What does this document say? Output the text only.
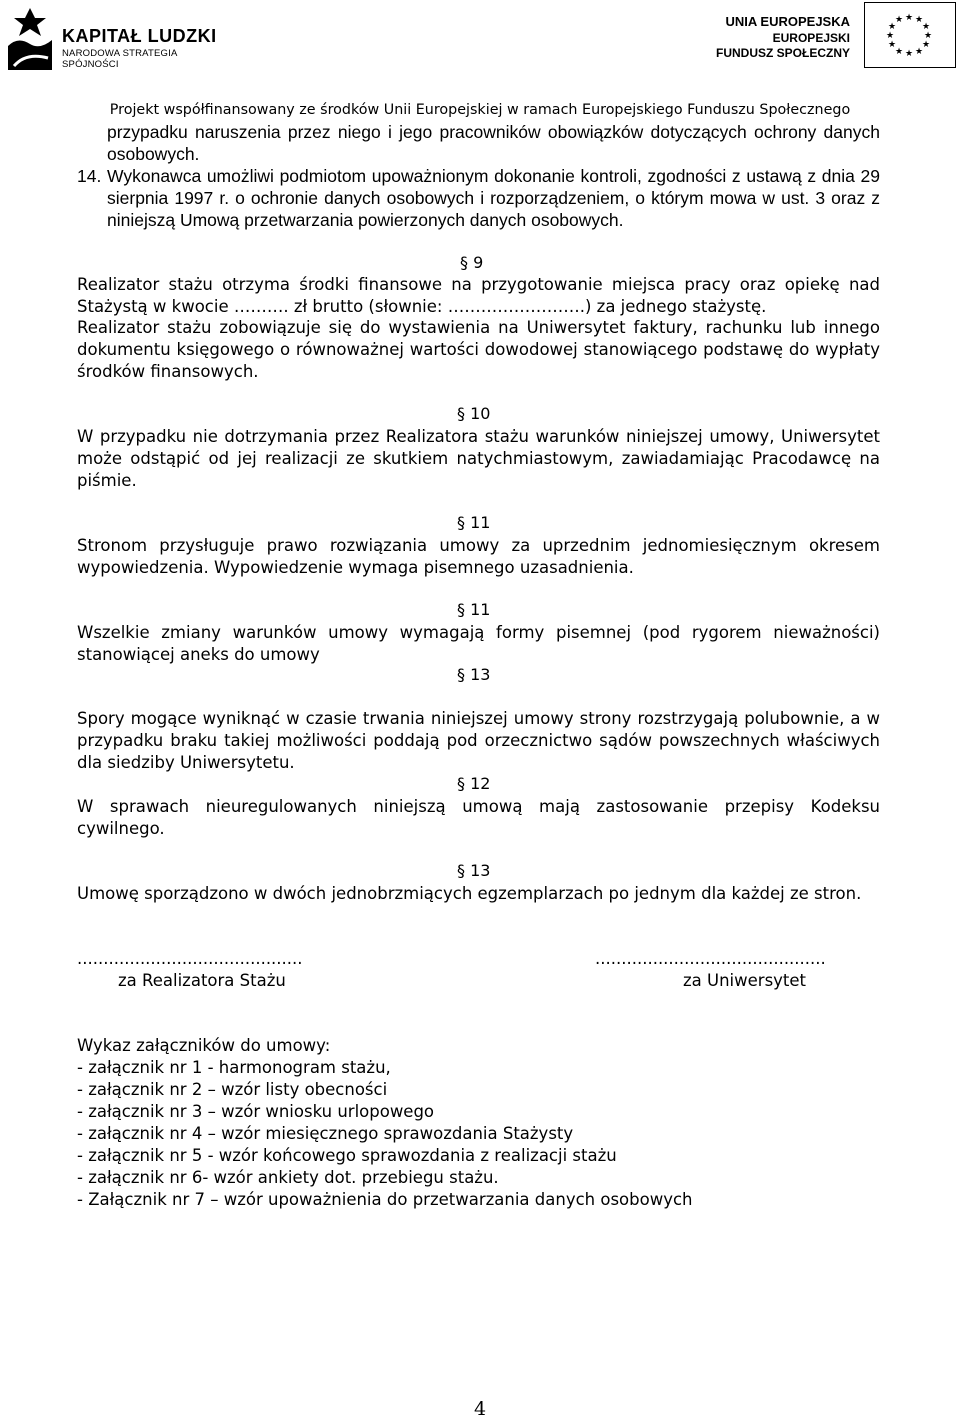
KAPITAŁ LUDZKI
NARODOWA STRATEGIA SPÓJNOŚCI
UNIA EUROPEJSKA
EUROPEJSKI
FUNDUSZ SPOŁECZNY
★ ★
★
★
★
★
★
★
★
★
★
★
Projekt współfinansowany ze środków Unii Europejskiej w ramach Europejskiego Funduszu Społecznego
przypadku naruszenia przez niego i jego pracowników obowiązków dotyczących ochrony danych osobowych.
14. Wykonawca umożliwi podmiotom upoważnionym dokonanie kontroli, zgodności z ustawą z dnia 29 sierpnia 1997 r. o ochronie danych osobowych i rozporządzeniem, o którym mowa w ust. 3 oraz z niniejszą Umową przetwarzania powierzonych danych osobowych.
§ 9
Realizator stażu otrzyma środki finansowe na przygotowanie miejsca pracy oraz opiekę nad Stażystą w kwocie ………. zł brutto (słownie: …………………….) za jednego stażystę.
Realizator stażu zobowiązuje się do wystawienia na Uniwersytet faktury, rachunku lub innego dokumentu księgowego o równoważnej wartości dowodowej stanowiącego podstawę do wypłaty środków finansowych.
§ 10
W przypadku nie dotrzymania przez Realizatora stażu warunków niniejszej umowy, Uniwersytet może odstąpić od jej realizacji ze skutkiem natychmiastowym, zawiadamiając Pracodawcę na piśmie.
§ 11
Stronom przysługuje prawo rozwiązania umowy za uprzednim jednomiesięcznym okresem wypowiedzenia. Wypowiedzenie wymaga pisemnego uzasadnienia.
§ 11
Wszelkie zmiany warunków umowy wymagają formy pisemnej (pod rygorem nieważności) stanowiącej aneks do umowy
§ 13
Spory mogące wyniknąć w czasie trwania niniejszej umowy strony rozstrzygają polubownie, a w przypadku braku takiej możliwości poddają pod orzecznictwo sądów powszechnych właściwych dla siedziby Uniwersytetu.
§ 12
W sprawach nieuregulowanych niniejszą umową mają zastosowanie przepisy Kodeksu cywilnego.
§ 13
Umowę sporządzono w dwóch jednobrzmiących egzemplarzach po jednym dla każdej ze stron.
...........................................	............................................
za Realizatora Stażu	za Uniwersytet
Wykaz załączników do umowy:
- załącznik nr 1 - harmonogram stażu,
- załącznik nr 2 – wzór listy obecności
- załącznik nr 3 – wzór wniosku urlopowego
- załącznik nr 4 – wzór miesięcznego sprawozdania Stażysty
- załącznik nr 5 - wzór końcowego sprawozdania z realizacji stażu
- załącznik nr 6- wzór ankiety dot. przebiegu stażu.
- Załącznik nr 7 – wzór upoważnienia do przetwarzania danych osobowych
4
